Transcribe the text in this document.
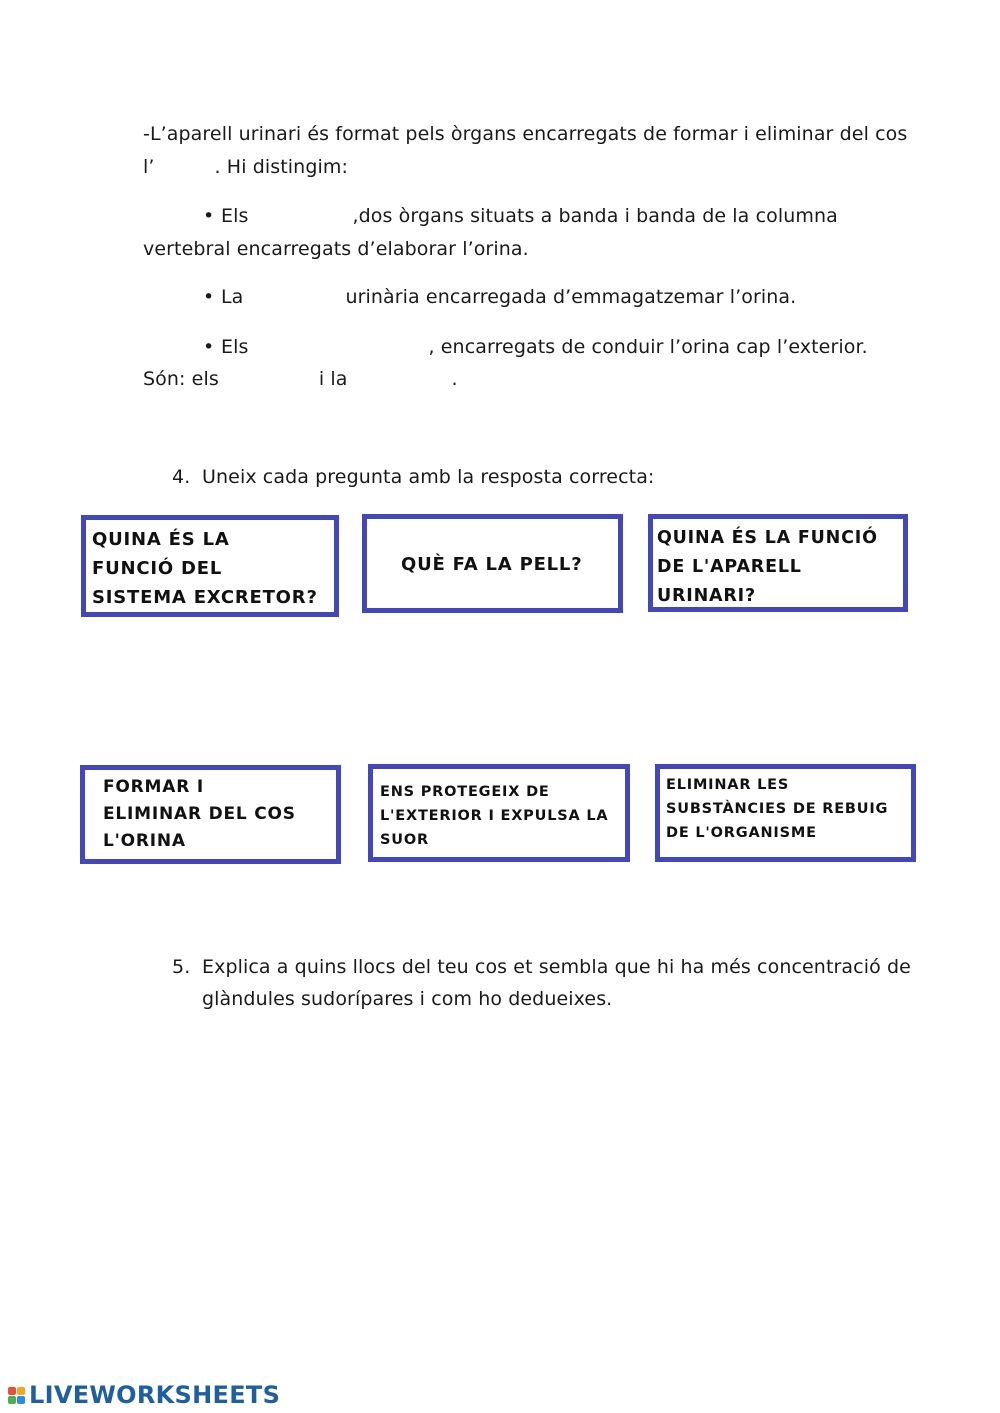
-L’aparell urinari és format pels òrgans encarregats de formar i eliminar del cos
l’	. Hi distingim:
• Els	,dos òrgans situats a banda i banda de la columna
vertebral encarregats d’elaborar l’orina.
• La	urinària encarregada d’emmagatzemar l’orina.
• Els	, encarregats de conduir l’orina cap l’exterior.
Són: els	i la	.
4. Uneix cada pregunta amb la resposta correcta:
QUINA ÉS LA
FUNCIÓ DEL
SISTEMA EXCRETOR?
QUÈ FA LA PELL?
QUINA ÉS LA FUNCIÓ
DE L'APARELL
URINARI?
FORMAR I
ELIMINAR DEL COS
L'ORINA
ENS PROTEGEIX DE
L'EXTERIOR I EXPULSA LA
SUOR
ELIMINAR LES
SUBSTÀNCIES DE REBUIG
DE L'ORGANISME
5. Explica a quins llocs del teu cos et sembla que hi ha més concentració de
glàndules sudorípares i com ho dedueixes.
LIVEWORKSHEETS
